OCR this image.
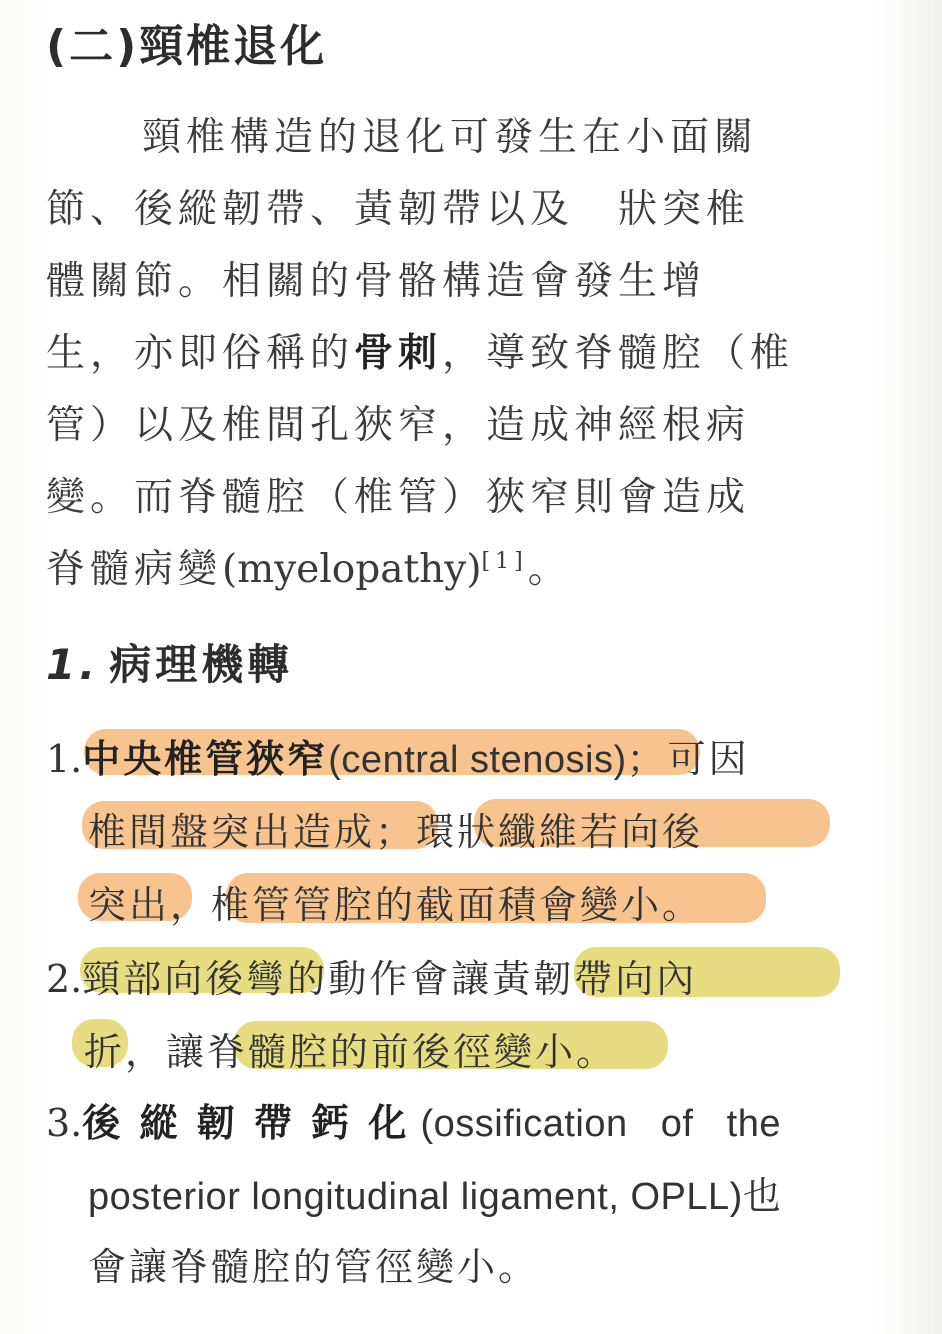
(二)頸椎退化
頸椎構造的退化可發生在小面關
節、後縱韌帶、黃韌帶以及　狀突椎
體關節。相關的骨骼構造會發生增
生，亦即俗稱的骨刺，導致脊髓腔（椎
管）以及椎間孔狹窄，造成神經根病
變。而脊髓腔（椎管）狹窄則會造成
脊髓病變(myelopathy)[1]。
1. 病理機轉
1.中央椎管狹窄(central stenosis)；可因
椎間盤突出造成；環狀纖維若向後
突出，椎管管腔的截面積會變小。
2.頸部向後彎的動作會讓黃韌帶向內
折，讓脊髓腔的前後徑變小。
3.後 縱 韌 帶 鈣 化 (ossification   of   the
posterior longitudinal ligament, OPLL)也
會讓脊髓腔的管徑變小。
